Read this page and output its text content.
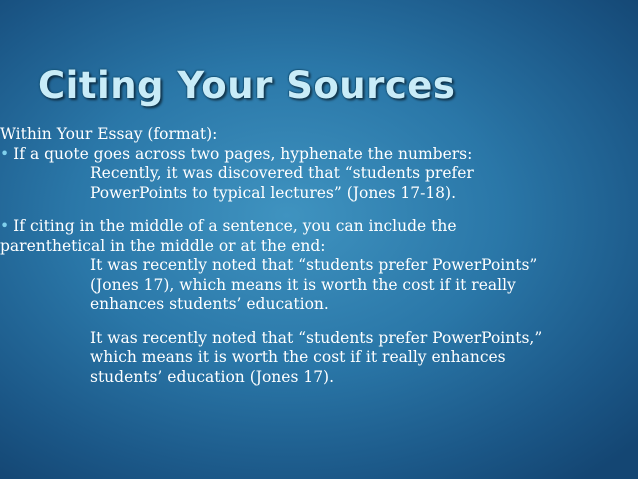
Citing Your Sources
Within Your Essay (format):
• If a quote goes across two pages, hyphenate the numbers:
Recently, it was discovered that “students prefer
PowerPoints to typical lectures” (Jones 17-18).
• If citing in the middle of a sentence, you can include the
parenthetical in the middle or at the end:
It was recently noted that “students prefer PowerPoints”
(Jones 17), which means it is worth the cost if it really
enhances students’ education.
It was recently noted that “students prefer PowerPoints,”
which means it is worth the cost if it really enhances
students’ education (Jones 17).
